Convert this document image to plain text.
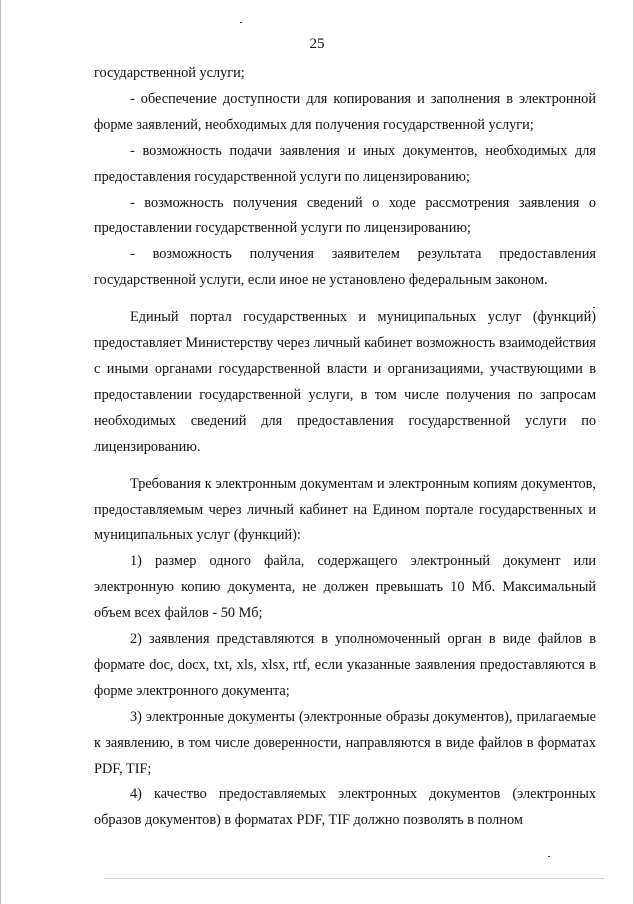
25

государственной услуги;

- обеспечение доступности для копирования и заполнения в электронной форме заявлений, необходимых для получения государственной услуги;

- возможность подачи заявления и иных документов, необходимых для предоставления государственной услуги по лицензированию;

- возможность получения сведений о ходе рассмотрения заявления о предоставлении государственной услуги по лицензированию;

- возможность получения заявителем результата предоставления государственной услуги, если иное не установлено федеральным законом.

Единый портал государственных и муниципальных услуг (функций) предоставляет Министерству через личный кабинет возможность взаимодействия с иными органами государственной власти и организациями, участвующими в предоставлении государственной услуги, в том числе получения по запросам необходимых сведений для предоставления государственной услуги по лицензированию.

Требования к электронным документам и электронным копиям документов, предоставляемым через личный кабинет на Едином портале государственных и муниципальных услуг (функций):

1) размер одного файла, содержащего электронный документ или электронную копию документа, не должен превышать 10 Мб. Максимальный объем всех файлов - 50 Мб;

2) заявления представляются в уполномоченный орган в виде файлов в формате doc, docx, txt, xls, xlsx, rtf, если указанные заявления предоставляются в форме электронного документа;

3) электронные документы (электронные образы документов), прилагаемые к заявлению, в том числе доверенности, направляются в виде файлов в форматах PDF, TIF;

4) качество предоставляемых электронных документов (электронных образов документов) в форматах PDF, TIF должно позволять в полном
